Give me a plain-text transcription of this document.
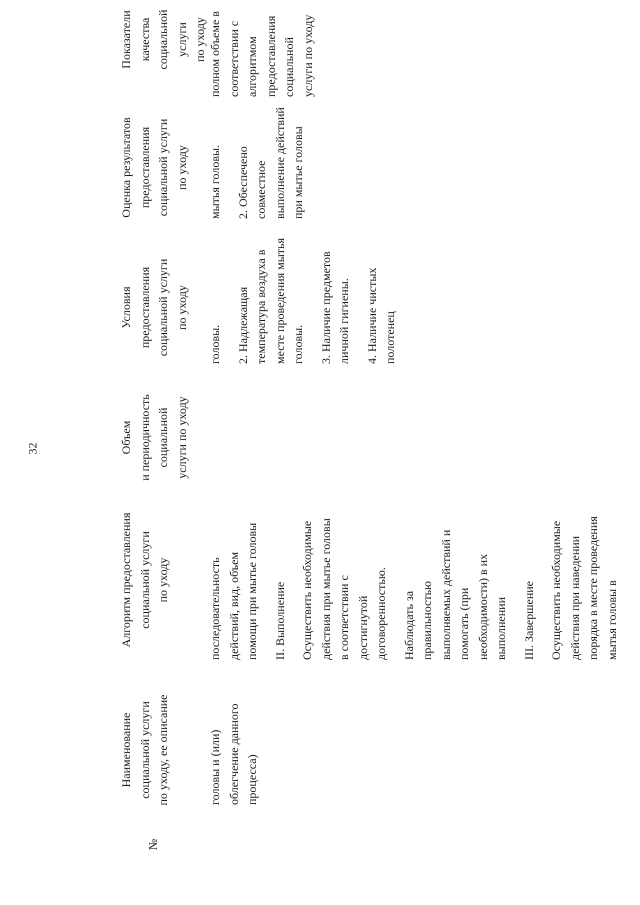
32
№
Наименование социальной услуги по уходу, ее описание
Алгоритм предоставления социальной услуги по уходу
Объем и периодичность социальной услуги по уходу
Условия предоставления социальной услуги по уходу
Оценка результатов предоставления социальной услуги по уходу
Показатели качества социальной услуги по уходу
головы и (или) облегчение данного процесса)
последовательность действий, вид, объем помощи при мытье головы II. Выполнение Осуществить необходимые действия при мытье головы в соответствии с достигнутой договоренностью. Наблюдать за правильностью выполняемых действий и помогать (при необходимости) в их выполнении III. Завершение Осуществить необходимые действия при наведении порядка в месте проведения мытья головы в
головы. 2. Надлежащая температура воздуха в месте проведения мытья головы. 3. Наличие предметов личной гигиены. 4. Наличие чистых полотенец
мытья головы. 2. Обеспечено совместное выполнение действий при мытье головы
полном объеме в соответствии с алгоритмом предоставления социальной услуги по уходу
